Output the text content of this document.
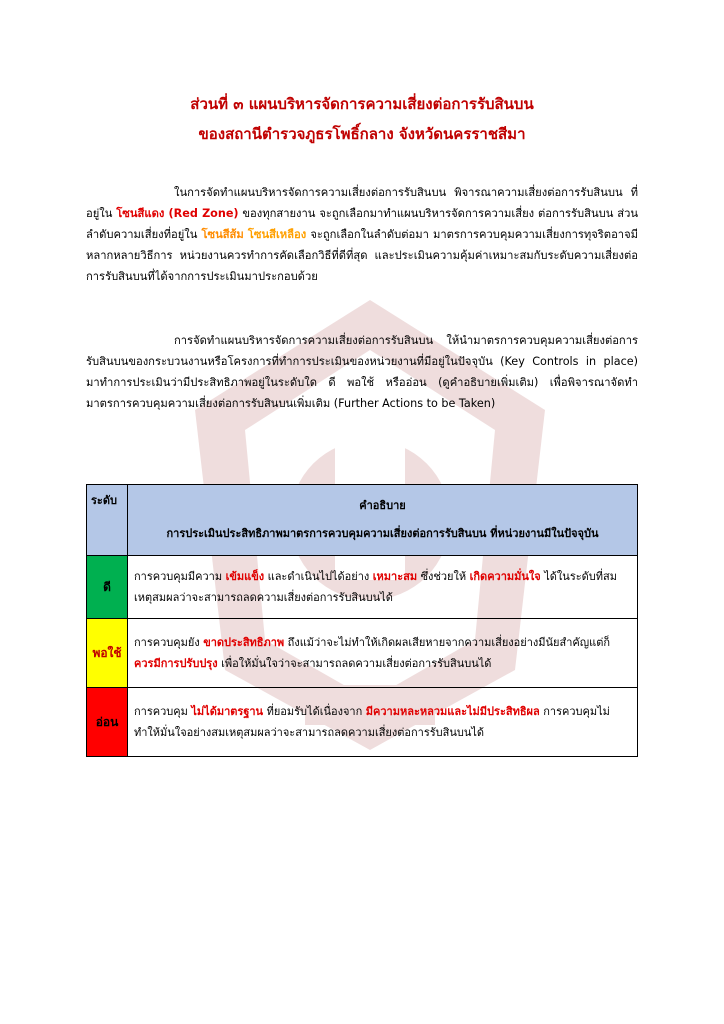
ส่วนที่ ๓ แผนบริหารจัดการความเสี่ยงต่อการรับสินบน
ของสถานีตำรวจภูธรโพธิ์กลาง จังหวัดนครราชสีมา
ในการจัดทำแผนบริหารจัดการความเสี่ยงต่อการรับสินบน พิจารณาความเสี่ยงต่อการรับสินบน ที่อยู่ใน โซนสีแดง (Red Zone) ของทุกสายงาน จะถูกเลือกมาทำแผนบริหารจัดการความเสี่ยง ต่อการรับสินบน ส่วนลำดับความเสี่ยงที่อยู่ใน โซนสีส้ม โซนสีเหลือง จะถูกเลือกในลำดับต่อมา มาตรการควบคุมความเสี่ยงการทุจริตอาจมีหลากหลายวิธีการ หน่วยงานควรทำการคัดเลือกวิธีที่ดีที่สุด และประเมินความคุ้มค่าเหมาะสมกับระดับความเสี่ยงต่อการรับสินบนที่ได้จากการประเมินมาประกอบด้วย
การจัดทำแผนบริหารจัดการความเสี่ยงต่อการรับสินบน ให้นำมาตรการควบคุมความเสี่ยงต่อการรับสินบนของกระบวนงานหรือโครงการที่ทำการประเมินของหน่วยงานที่มีอยู่ในปัจจุบัน (Key Controls in place) มาทำการประเมินว่ามีประสิทธิภาพอยู่ในระดับใด ดี พอใช้ หรืออ่อน (ดูคำอธิบายเพิ่มเติม) เพื่อพิจารณาจัดทำมาตรการควบคุมความเสี่ยงต่อการรับสินบนเพิ่มเติม (Further Actions to be Taken)
ระดับ	คำอธิบาย
การประเมินประสิทธิภาพมาตรการควบคุมความเสี่ยงต่อการรับสินบน ที่หน่วยงานมีในปัจจุบัน

ดี	การควบคุมมีความ เข้มแข็ง และดำเนินไปได้อย่าง เหมาะสม ซึ่งช่วยให้ เกิดความมั่นใจ ได้ในระดับที่สมเหตุสมผลว่าจะสามารถลดความเสี่ยงต่อการรับสินบนได้
พอใช้	การควบคุมยัง ขาดประสิทธิภาพ ถึงแม้ว่าจะไม่ทำให้เกิดผลเสียหายจากความเสี่ยงอย่างมีนัยสำคัญแต่ก็ ควรมีการปรับปรุง เพื่อให้มั่นใจว่าจะสามารถลดความเสี่ยงต่อการรับสินบนได้
อ่อน	การควบคุม ไม่ได้มาตรฐาน ที่ยอมรับได้เนื่องจาก มีความหละหลวมและไม่มีประสิทธิผล การควบคุมไม่ทำให้มั่นใจอย่างสมเหตุสมผลว่าจะสามารถลดความเสี่ยงต่อการรับสินบนได้
